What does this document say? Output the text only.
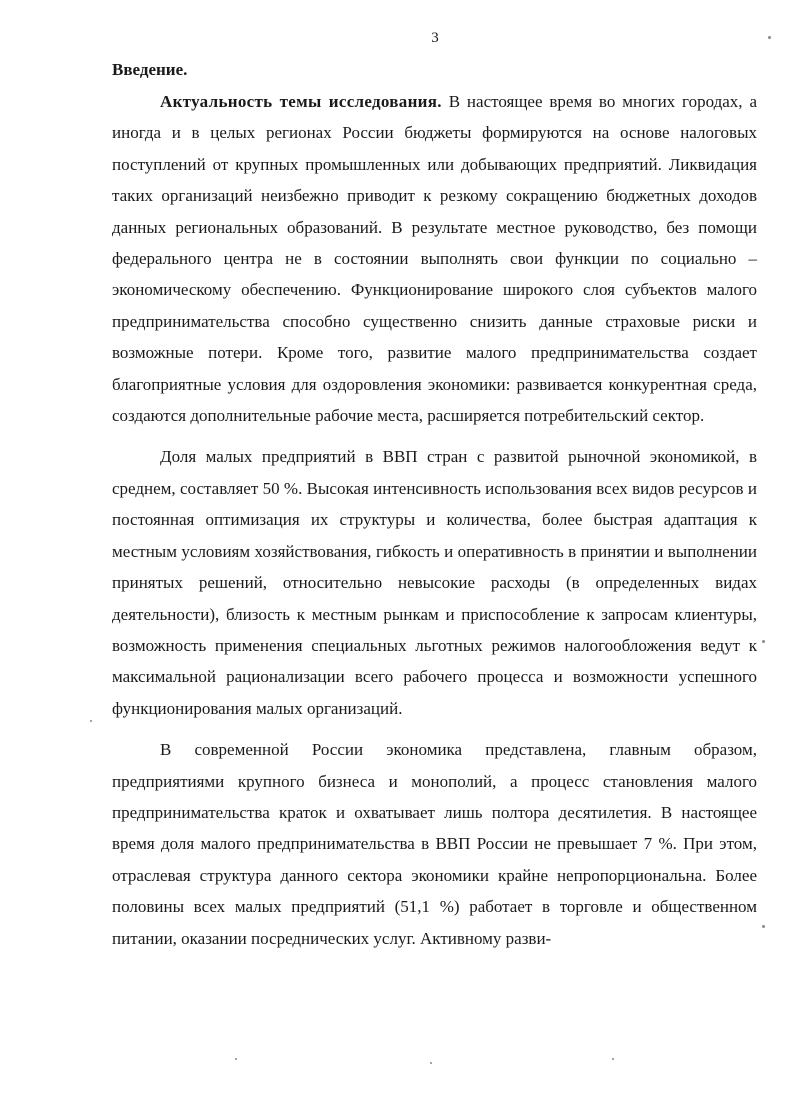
3
Введение.

Актуальность темы исследования. В настоящее время во многих городах, а иногда и в целых регионах России бюджеты формируются на основе налоговых поступлений от крупных промышленных или добывающих предприятий. Ликвидация таких организаций неизбежно приводит к резкому сокращению бюджетных доходов данных региональных образований. В результате местное руководство, без помощи федерального центра не в состоянии выполнять свои функции по социально – экономическому обеспечению. Функционирование широкого слоя субъектов малого предпринимательства способно существенно снизить данные страховые риски и возможные потери. Кроме того, развитие малого предпринимательства создает благоприятные условия для оздоровления экономики: развивается конкурентная среда, создаются дополнительные рабочие места, расширяется потребительский сектор.

Доля малых предприятий в ВВП стран с развитой рыночной экономикой, в среднем, составляет 50 %. Высокая интенсивность использования всех видов ресурсов и постоянная оптимизация их структуры и количества, более быстрая адаптация к местным условиям хозяйствования, гибкость и оперативность в принятии и выполнении принятых решений, относительно невысокие расходы (в определенных видах деятельности), близость к местным рынкам и приспособление к запросам клиентуры, возможность применения специальных льготных режимов налогообложения ведут к максимальной рационализации всего рабочего процесса и возможности успешного функционирования малых организаций.

В современной России экономика представлена, главным образом, предприятиями крупного бизнеса и монополий, а процесс становления малого предпринимательства краток и охватывает лишь полтора десятилетия. В настоящее время доля малого предпринимательства в ВВП России не превышает 7 %. При этом, отраслевая структура данного сектора экономики крайне непропорциональна. Более половины всех малых предприятий (51,1 %) работает в торговле и общественном питании, оказании посреднических услуг. Активному разви-
